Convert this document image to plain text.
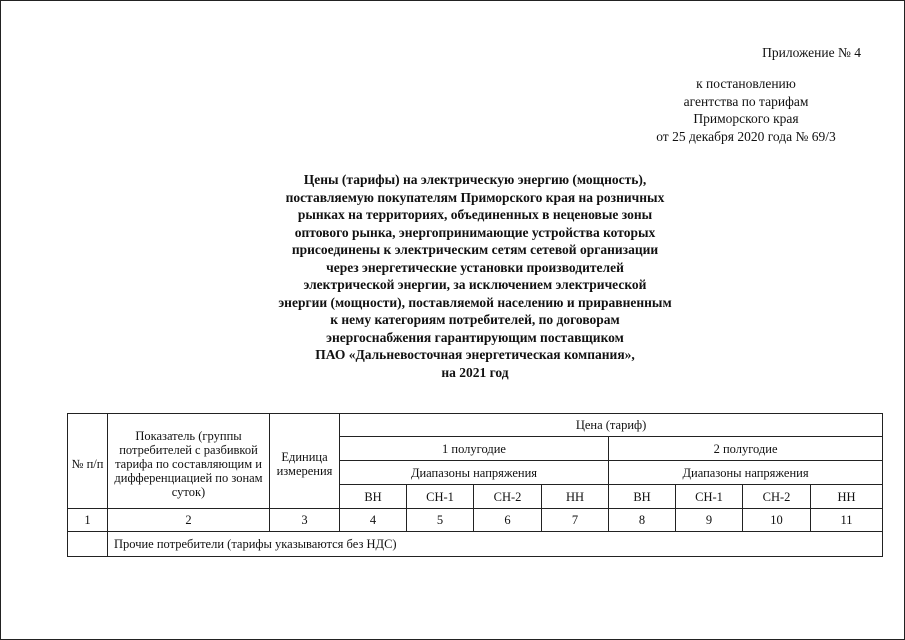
Приложение № 4
к постановлению
агентства по тарифам
Приморского края
от 25 декабря 2020 года № 69/3
Цены (тарифы) на электрическую энергию (мощность),
поставляемую покупателям Приморского края на розничных
рынках на территориях, объединенных в неценовые зоны
оптового рынка, энергопринимающие устройства которых
присоединены к электрическим сетям сетевой организации
через энергетические установки производителей
электрической энергии, за исключением электрической
энергии (мощности), поставляемой населению и приравненным
к нему категориям потребителей, по договорам
энергоснабжения гарантирующим поставщиком
ПАО «Дальневосточная энергетическая компания»,
на 2021 год
№ п/п	Показатель (группы потребителей с разбивкой тарифа по составляющим и дифференциацией по зонам суток)	Единица измерения	Цена (тариф)							
			1 полугодие				2 полугодие			
			Диапазоны напряжения				Диапазоны напряжения			
			ВН	СН-1	СН-2	НН	ВН	СН-1	СН-2	НН
1	2	3	4	5	6	7	8	9	10	11
	Прочие потребители (тарифы указываются без НДС)									
